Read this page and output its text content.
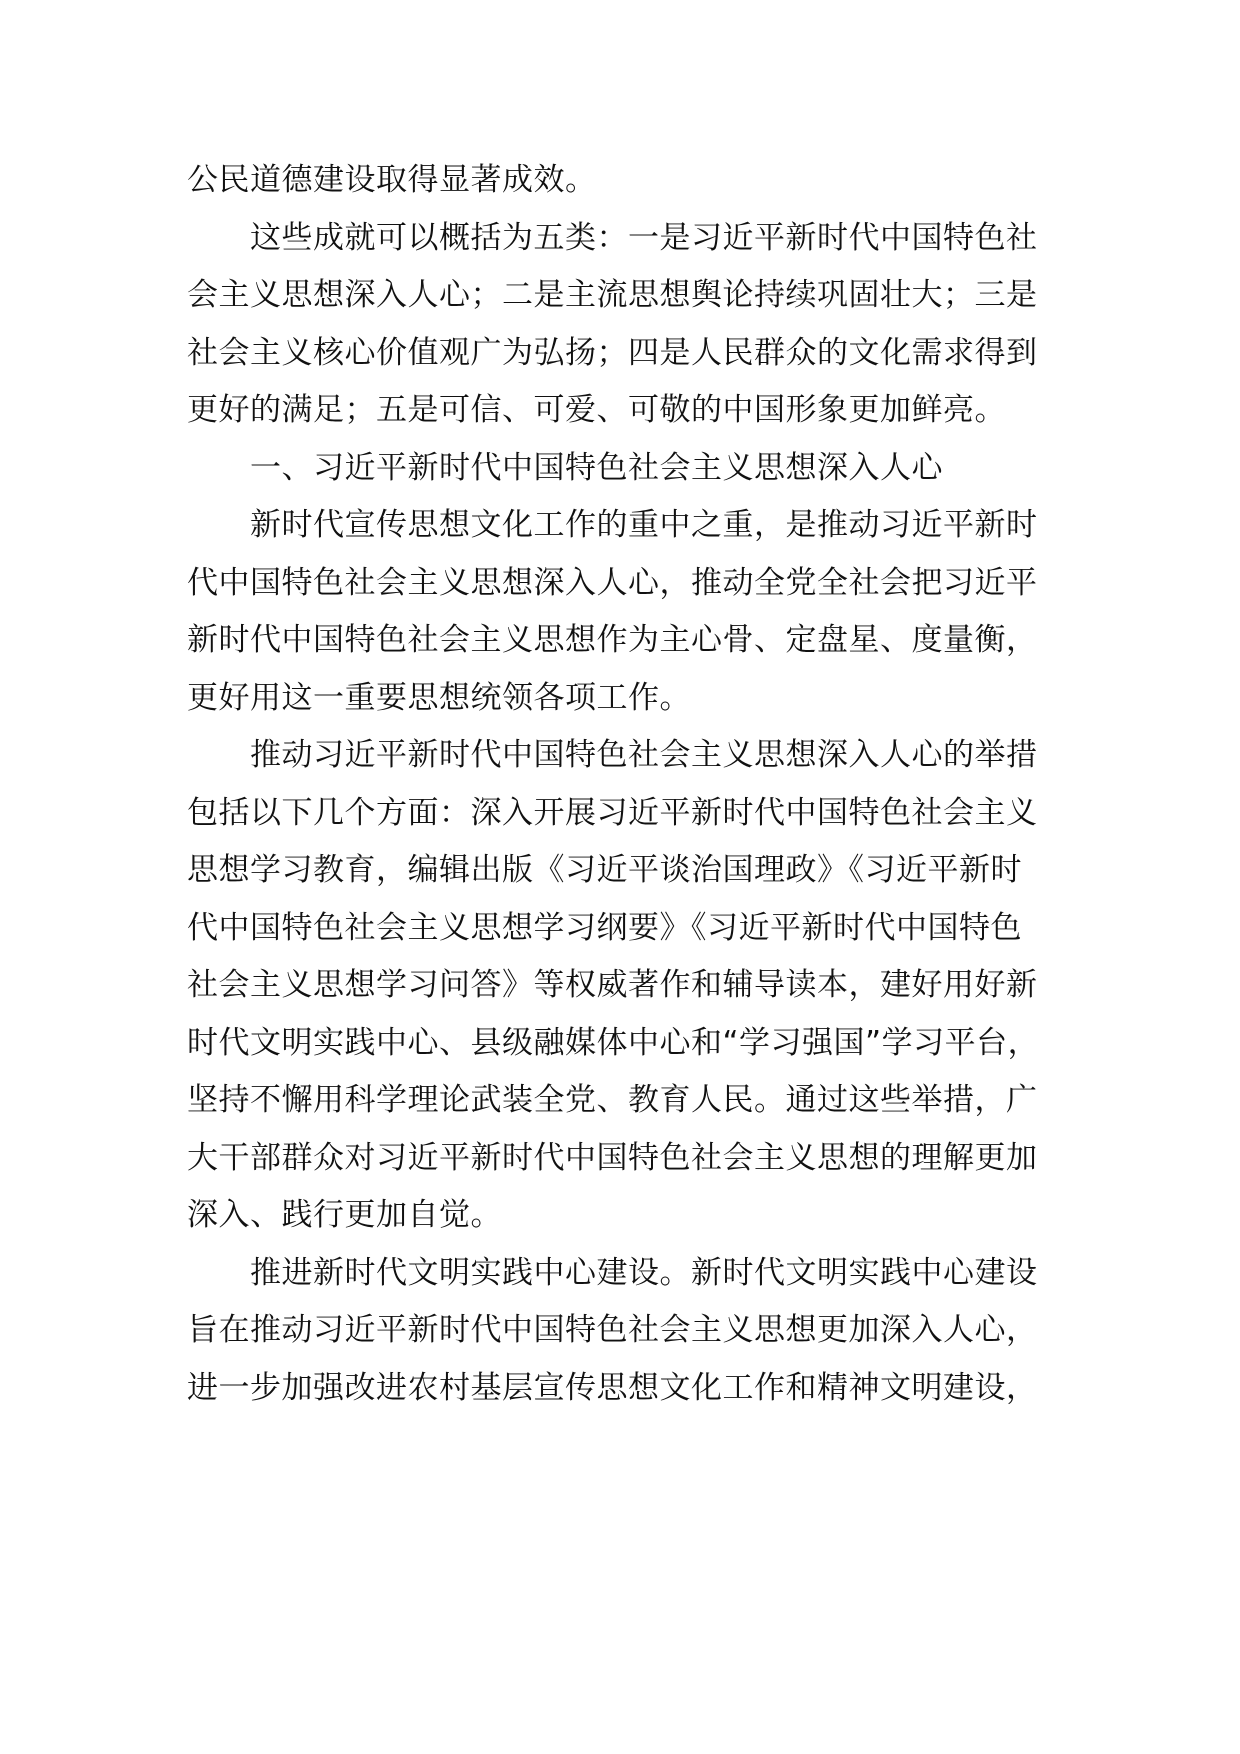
公民道德建设取得显著成效。
这些成就可以概括为五类：一是习近平新时代中国特色社
会主义思想深入人心；二是主流思想舆论持续巩固壮大；三是
社会主义核心价值观广为弘扬；四是人民群众的文化需求得到
更好的满足；五是可信、可爱、可敬的中国形象更加鲜亮。
一、习近平新时代中国特色社会主义思想深入人心
新时代宣传思想文化工作的重中之重，是推动习近平新时
代中国特色社会主义思想深入人心，推动全党全社会把习近平
新时代中国特色社会主义思想作为主心骨、定盘星、度量衡，
更好用这一重要思想统领各项工作。
推动习近平新时代中国特色社会主义思想深入人心的举措
包括以下几个方面：深入开展习近平新时代中国特色社会主义
思想学习教育，编辑出版《习近平谈治国理政》《习近平新时
代中国特色社会主义思想学习纲要》《习近平新时代中国特色
社会主义思想学习问答》等权威著作和辅导读本，建好用好新
时代文明实践中心、县级融媒体中心和“学习强国”学习平台，
坚持不懈用科学理论武装全党、教育人民。通过这些举措，广
大干部群众对习近平新时代中国特色社会主义思想的理解更加
深入、践行更加自觉。
推进新时代文明实践中心建设。新时代文明实践中心建设
旨在推动习近平新时代中国特色社会主义思想更加深入人心，
进一步加强改进农村基层宣传思想文化工作和精神文明建设，
